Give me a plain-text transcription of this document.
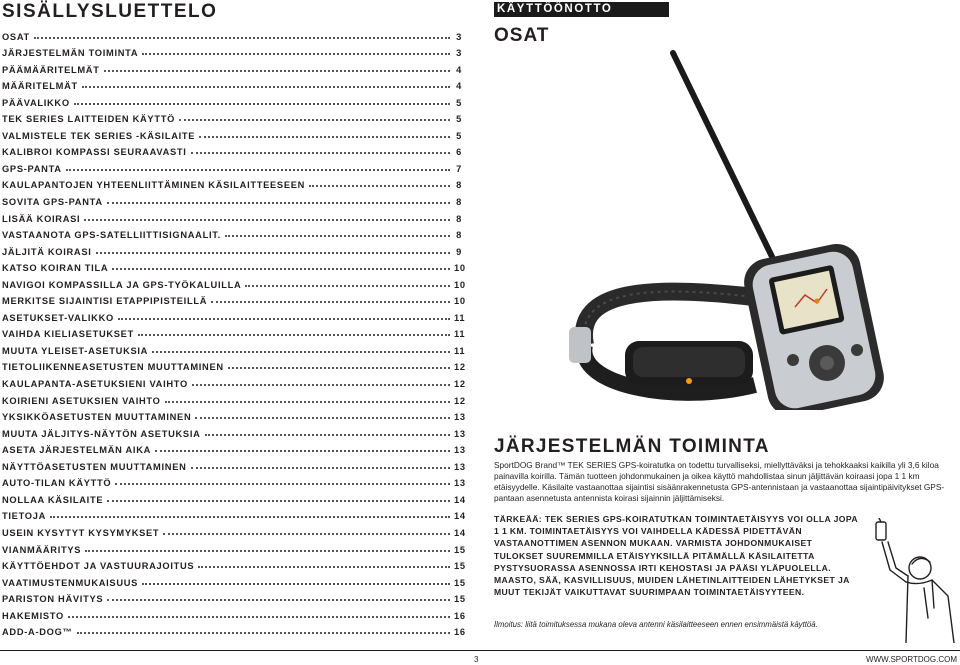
SISÄLLYSLUETTELO
OSAT	3
JÄRJESTELMÄN TOIMINTA	3
PÄÄMÄÄRITELMÄT	4
MÄÄRITELMÄT	4
PÄÄVALIKKO	5
TEK SERIES LAITTEIDEN KÄYTTÖ	5
VALMISTELE TEK SERIES -KÄSILAITE	5
KALIBROI KOMPASSI SEURAAVASTI	6
GPS-PANTA	7
KAULAPANTOJEN YHTEENLIITTÄMINEN KÄSILAITTEESEEN	8
SOVITA GPS-PANTA	8
LISÄÄ KOIRASI	8
VASTAANOTA GPS-SATELLIITTISIGNAALIT.	8
JÄLJITÄ KOIRASI	9
KATSO KOIRAN TILA	10
NAVIGOI KOMPASSILLA JA GPS-TYÖKALUILLA	10
MERKITSE SIJAINTISI ETAPPIPISTEILLÄ	10
ASETUKSET-VALIKKO	11
VAIHDA KIELIASETUKSET	11
MUUTA YLEISET-ASETUKSIA	11
TIETOLIIKENNEASETUSTEN MUUTTAMINEN	12
KAULAPANTA-ASETUKSIENI VAIHTO	12
KOIRIENI ASETUKSIEN VAIHTO	12
YKSIKKÖASETUSTEN MUUTTAMINEN	13
MUUTA JÄLJITYS-NÄYTÖN ASETUKSIA	13
ASETA JÄRJESTELMÄN AIKA	13
NÄYTTÖASETUSTEN MUUTTAMINEN	13
AUTO-TILAN KÄYTTÖ	13
NOLLAA KÄSILAITE	14
TIETOJA	14
USEIN KYSYTYT KYSYMYKSET	14
VIANMÄÄRITYS	15
KÄYTTÖEHDOT JA VASTUURAJOITUS	15
VAATIMUSTENMUKAISUUS	15
PARISTON HÄVITYS	15
HAKEMISTO	16
ADD-A-DOG™	16
KÄYTTÖÖNOTTO
OSAT
JÄRJESTELMÄN TOIMINTA

SportDOG Brand™ TEK SERIES GPS-koiratutka on todettu turvalliseksi, miellyttäväksi ja tehokkaaksi kaikilla yli 3,6 kiloa painavilla koirilla. Tämän tuotteen johdonmukainen ja oikea käyttö mahdollistaa sinun jäljittävän koiraasi jopa 1 1 km etäisyydelle. Käsilaite vastaanottaa sijaintisi sisäänrakennetusta GPS-antennistaan ja vastaanottaa sijaintipäivitykset GPS-pantaan asennetusta antennista koirasi sijainnin jäljittämiseksi.

TÄRKEÄÄ: TEK SERIES GPS-KOIRATUTKAN TOIMINTAETÄISYYS VOI OLLA JOPA 1 1 KM. TOIMINTAETÄISYYS VOI VAIHDELLA KÄDESSÄ PIDETTÄVÄN VASTAANOTTIMEN ASENNON MUKAAN. VARMISTA JOHDONMUKAISET TULOKSET SUUREMMILLA ETÄISYYKSILLÄ PITÄMÄLLÄ KÄSILAITETTA PYSTYSUORASSA ASENNOSSA IRTI KEHOSTASI JA PÄÄSI YLÄPUOLELLA. MAASTO, SÄÄ, KASVILLISUUS, MUIDEN LÄHETINLAITTEIDEN LÄHETYKSET JA MUUT TEKIJÄT VAIKUTTAVAT SUURIMPAAN TOIMINTAETÄISYYTEEN.

Ilmoitus: liitä toimituksessa mukana oleva antenni käsilaitteeseen ennen ensimmäistä käyttöä.

3	WWW.SPORTDOG.COM
